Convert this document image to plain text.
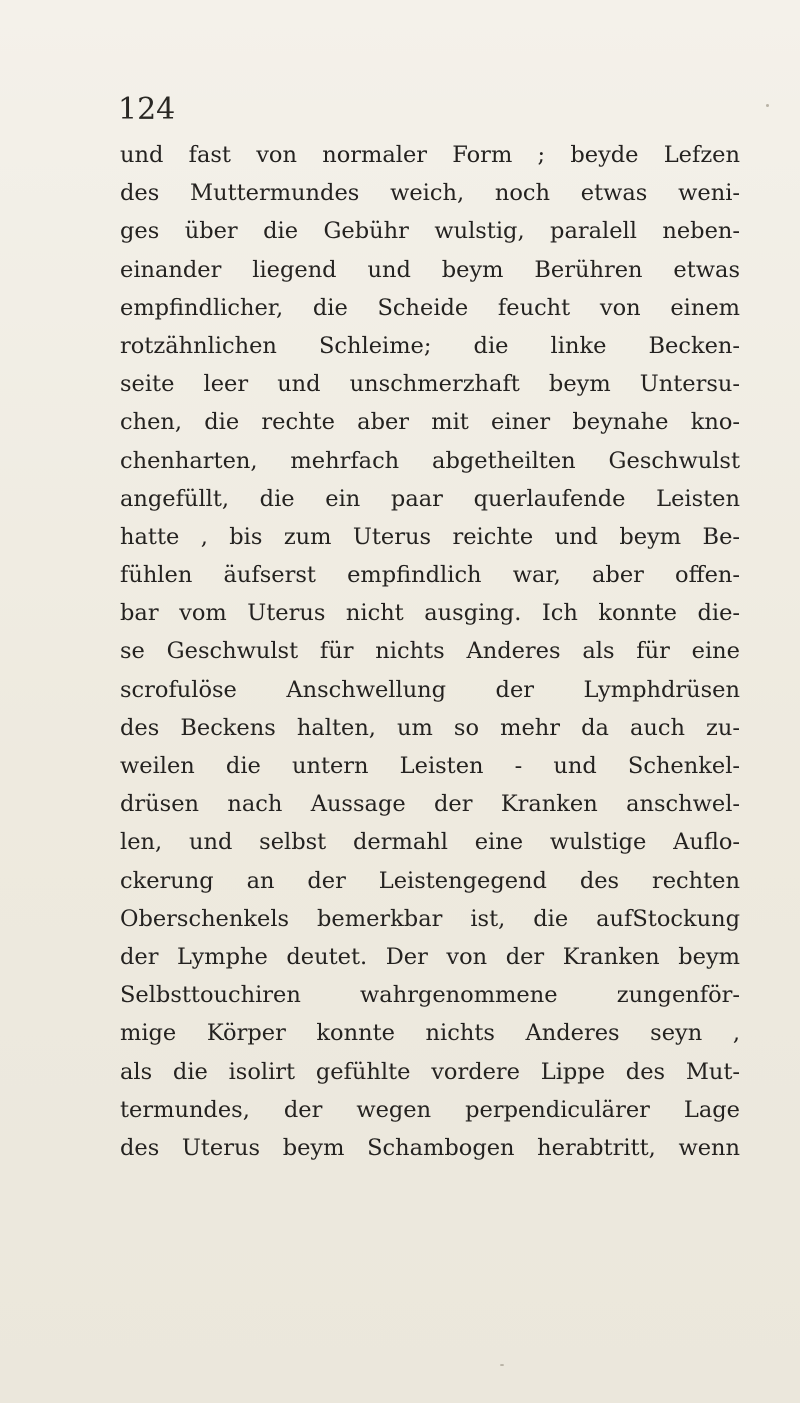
124
und fast von normaler Form ; beyde Lefzen
des Muttermundes weich, noch etwas weni-
ges über die Gebühr wulstig, paralell neben-
einander liegend und beym Berühren etwas
empfindlicher, die Scheide feucht von einem
rotzähnlichen Schleime; die linke Becken-
seite leer und unschmerzhaft beym Untersu-
chen, die rechte aber mit einer beynahe kno-
chenharten, mehrfach abgetheilten Geschwulst
angefüllt, die ein paar querlaufende Leisten
hatte , bis zum Uterus reichte und beym Be-
fühlen äufserst empfindlich war, aber offen-
bar vom Uterus nicht ausging. Ich konnte die-
se Geschwulst für nichts Anderes als für eine
scrofulöse Anschwellung der Lymphdrüsen
des Beckens halten, um so mehr da auch zu-
weilen die untern Leisten - und Schenkel-
drüsen nach Aussage der Kranken anschwel-
len, und selbst dermahl eine wulstige Auflo-
ckerung an der Leistengegend des rechten
Oberschenkels bemerkbar ist, die aufStockung
der Lymphe deutet. Der von der Kranken beym
Selbsttouchiren wahrgenommene zungenför-
mige Körper konnte nichts Anderes seyn ,
als die isolirt gefühlte vordere Lippe des Mut-
termundes, der wegen perpendiculärer Lage
des Uterus beym Schambogen herabtritt, wenn
